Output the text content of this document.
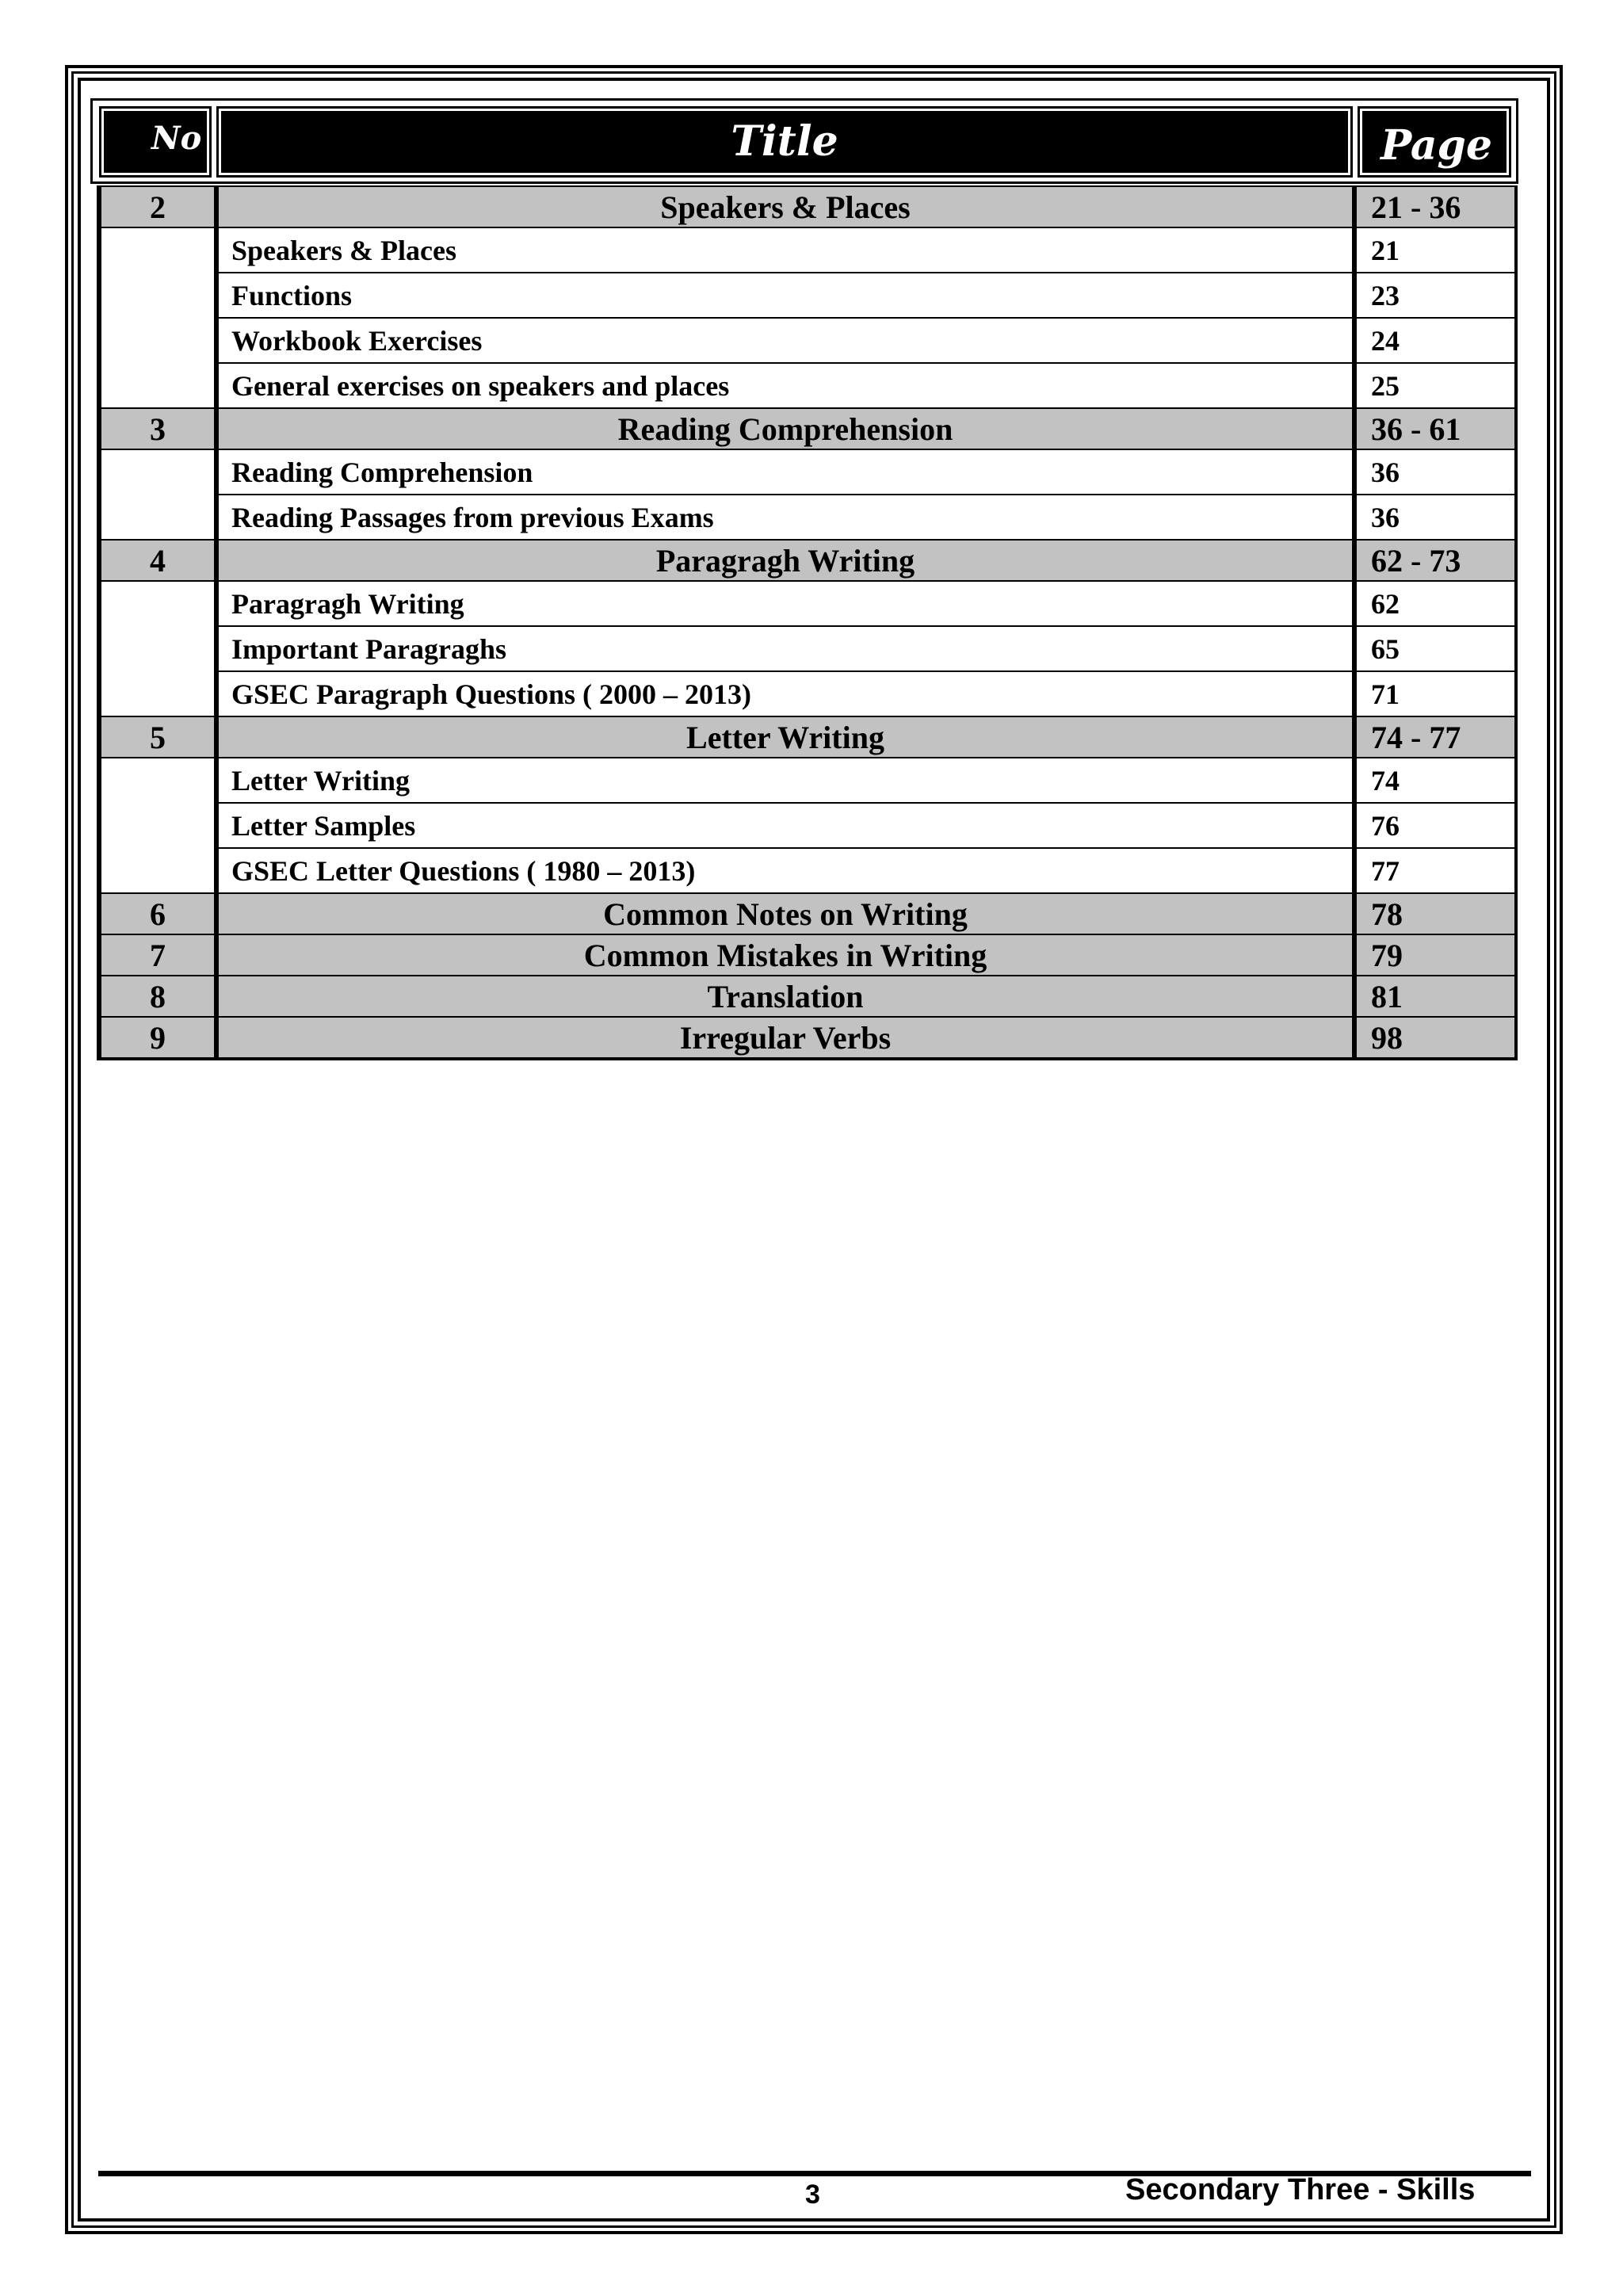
No	Title	Page
2	Speakers & Places	21 - 36
	Speakers & Places	21
	Functions	23
	Workbook Exercises	24
	General exercises on speakers and places	25
3	Reading Comprehension	36 - 61
	Reading Comprehension	36
	Reading Passages from previous Exams	36
4	Paragragh Writing	62 - 73
	Paragragh Writing	62
	Important Paragraghs	65
	GSEC Paragraph Questions ( 2000 – 2013)	71
5	Letter Writing	74 - 77
	Letter Writing	74
	Letter Samples	76
	GSEC Letter Questions ( 1980 – 2013)	77
6	Common Notes on Writing	78
7	Common Mistakes in Writing	79
8	Translation	81
9	Irregular Verbs	98
3	Secondary Three - Skills
